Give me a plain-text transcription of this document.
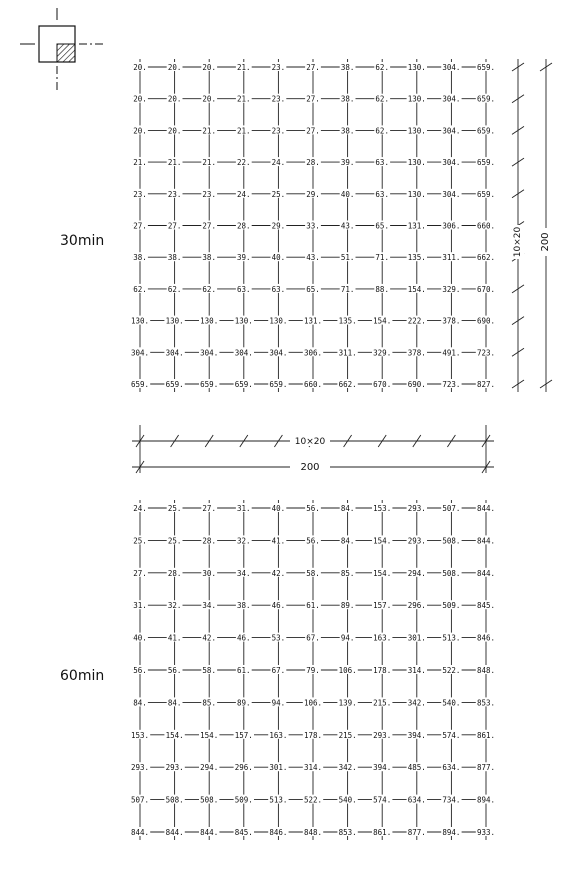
20.	20.	20.	21.	23.	27.	38.	62.	130. 304. 659.
20.	20.	20.	21.	23.	27.	38.	62.	130. 304. 659.
20.	20.	21.	21.	23.	27.	38.	62.	130. 304. 659.
21.	21.	21.	22.	24.	28.	39.	63.	130. 304. 659.
23.	23.	23.	24.	25.	29.	40.	63.	130. 304. 659.
27.	27.	27.	28.	29.	33.	43.	65.	131. 306. 660.
38.	38.	38.	39.	40.	43.	51.	71.	135. 311. 662.
62.	62.	62.	63.	63.	65.	71.	88.	154. 329. 670.
130. 130. 130. 130. 130. 131. 135. 154. 222. 378. 690.
304. 304. 304. 304. 304. 306. 311. 329. 378. 491. 723.
659. 659. 659. 659. 659. 660. 662. 670. 690. 723. 827.
30min	10×20 200
10×20
200
24.	25.	27.	31.	40.	56.	84.	153. 293. 507. 844.
25.	25.	28.	32.	41.	56.	84.	154. 293. 508. 844.
27.	28.	30.	34.	42.	58.	85.	154. 294. 508. 844.
31.	32.	34.	38.	46.	61.	89.	157. 296. 509. 845.
40.	41.	42.	46.	53.	67.	94.	163. 301. 513. 846.
56.	56.	58.	61.	67.	79.	106. 178. 314. 522. 848.
84.	84.	85.	89.	94.	106. 139. 215. 342. 540. 853.
153. 154. 154. 157. 163. 178. 215. 293. 394. 574. 861.
293. 293. 294. 296. 301. 314. 342. 394. 485. 634. 877.
507. 508. 508. 509. 513. 522. 540. 574. 634. 734. 894.
844. 844. 844. 845. 846. 848. 853. 861. 877. 894. 933.
60min
